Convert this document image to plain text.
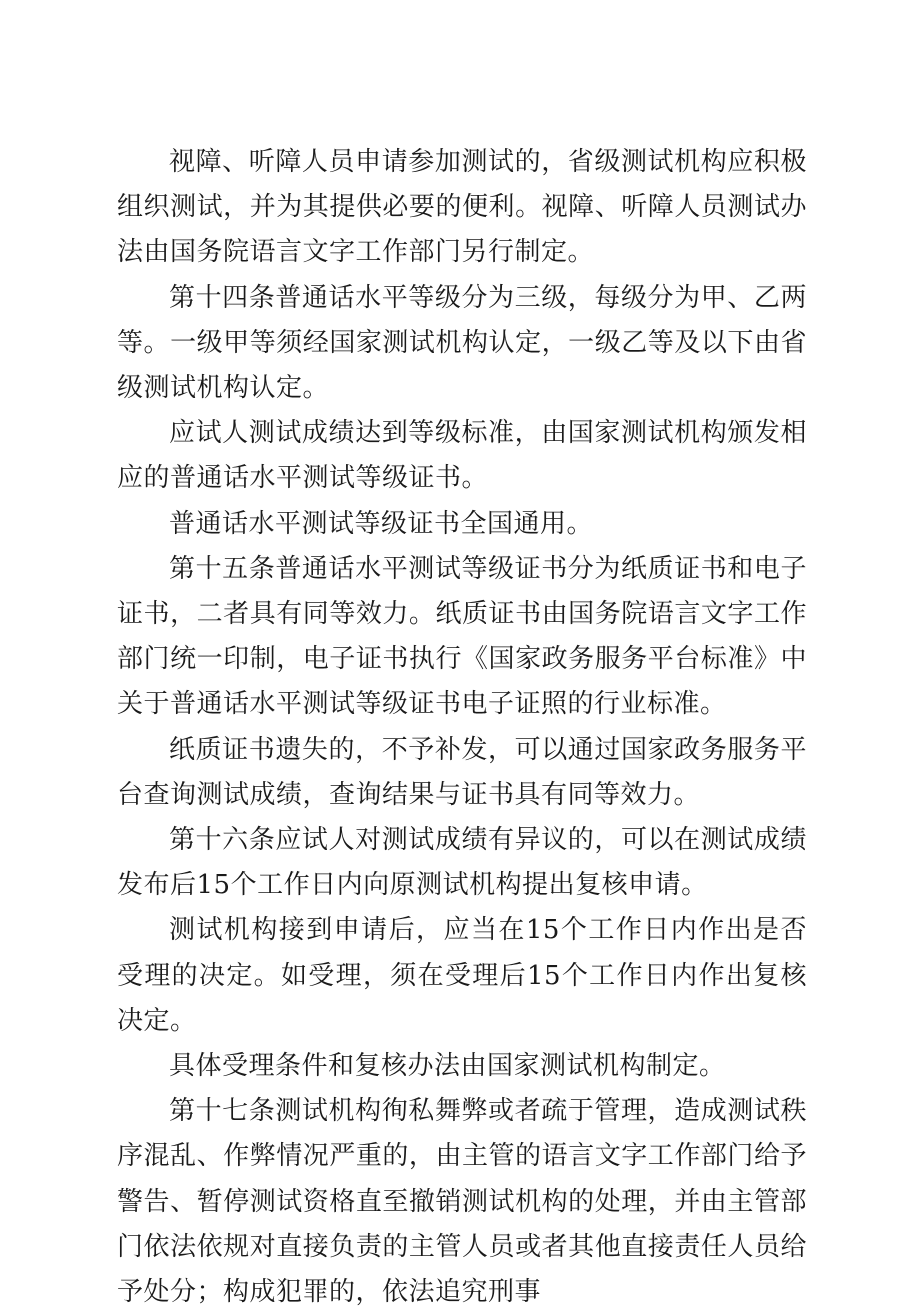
视障、听障人员申请参加测试的，省级测试机构应积极组织测试，并为其提供必要的便利。视障、听障人员测试办法由国务院语言文字工作部门另行制定。

第十四条普通话水平等级分为三级，每级分为甲、乙两等。一级甲等须经国家测试机构认定，一级乙等及以下由省级测试机构认定。

应试人测试成绩达到等级标准，由国家测试机构颁发相应的普通话水平测试等级证书。

普通话水平测试等级证书全国通用。

第十五条普通话水平测试等级证书分为纸质证书和电子证书，二者具有同等效力。纸质证书由国务院语言文字工作部门统一印制，电子证书执行《国家政务服务平台标准》中关于普通话水平测试等级证书电子证照的行业标准。

纸质证书遗失的，不予补发，可以通过国家政务服务平台查询测试成绩，查询结果与证书具有同等效力。

第十六条应试人对测试成绩有异议的，可以在测试成绩发布后15个工作日内向原测试机构提出复核申请。

测试机构接到申请后，应当在15个工作日内作出是否受理的决定。如受理，须在受理后15个工作日内作出复核决定。

具体受理条件和复核办法由国家测试机构制定。

第十七条测试机构徇私舞弊或者疏于管理，造成测试秩序混乱、作弊情况严重的，由主管的语言文字工作部门给予警告、暂停测试资格直至撤销测试机构的处理，并由主管部门依法依规对直接负责的主管人员或者其他直接责任人员给予处分；构成犯罪的，依法追究刑事
